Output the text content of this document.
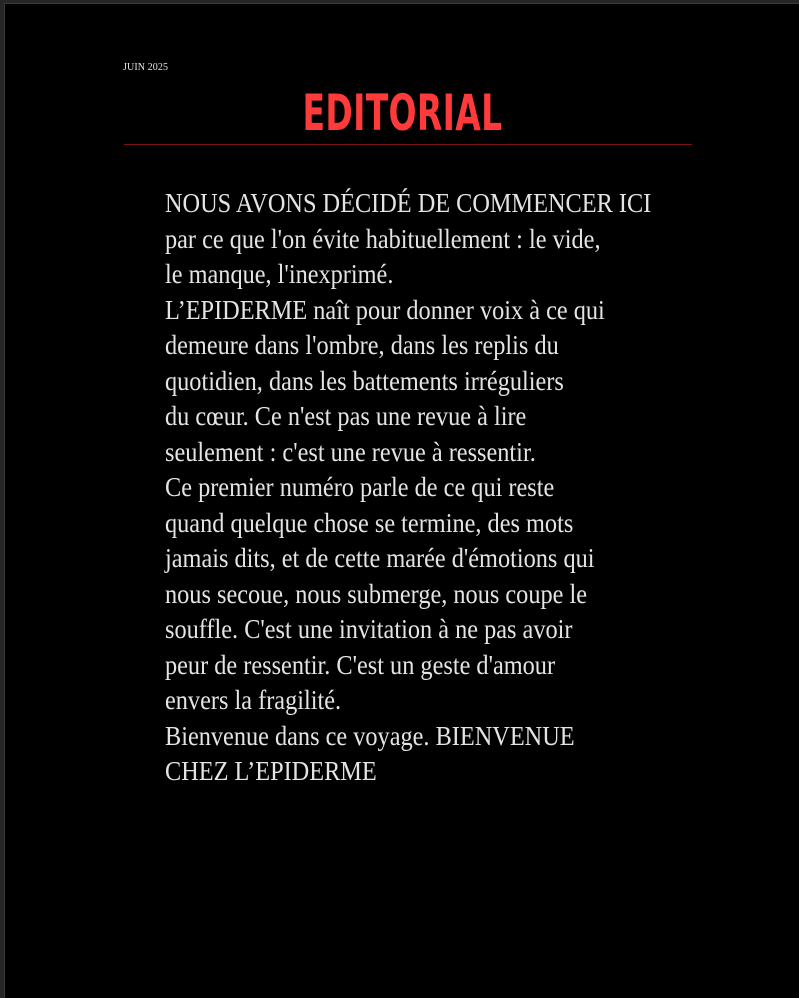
JUIN 2025
EDITORIAL
NOUS AVONS DÉCIDÉ DE COMMENCER ICI
par ce que l'on évite habituellement : le vide,
le manque, l'inexprimé.
L’EPIDERME naît pour donner voix à ce qui
demeure dans l'ombre, dans les replis du
quotidien, dans les battements irréguliers
du cœur. Ce n'est pas une revue à lire
seulement : c'est une revue à ressentir.
Ce premier numéro parle de ce qui reste
quand quelque chose se termine, des mots
jamais dits, et de cette marée d'émotions qui
nous secoue, nous submerge, nous coupe le
souffle. C'est une invitation à ne pas avoir
peur de ressentir. C'est un geste d'amour
envers la fragilité.
Bienvenue dans ce voyage. BIENVENUE
CHEZ L’EPIDERME
